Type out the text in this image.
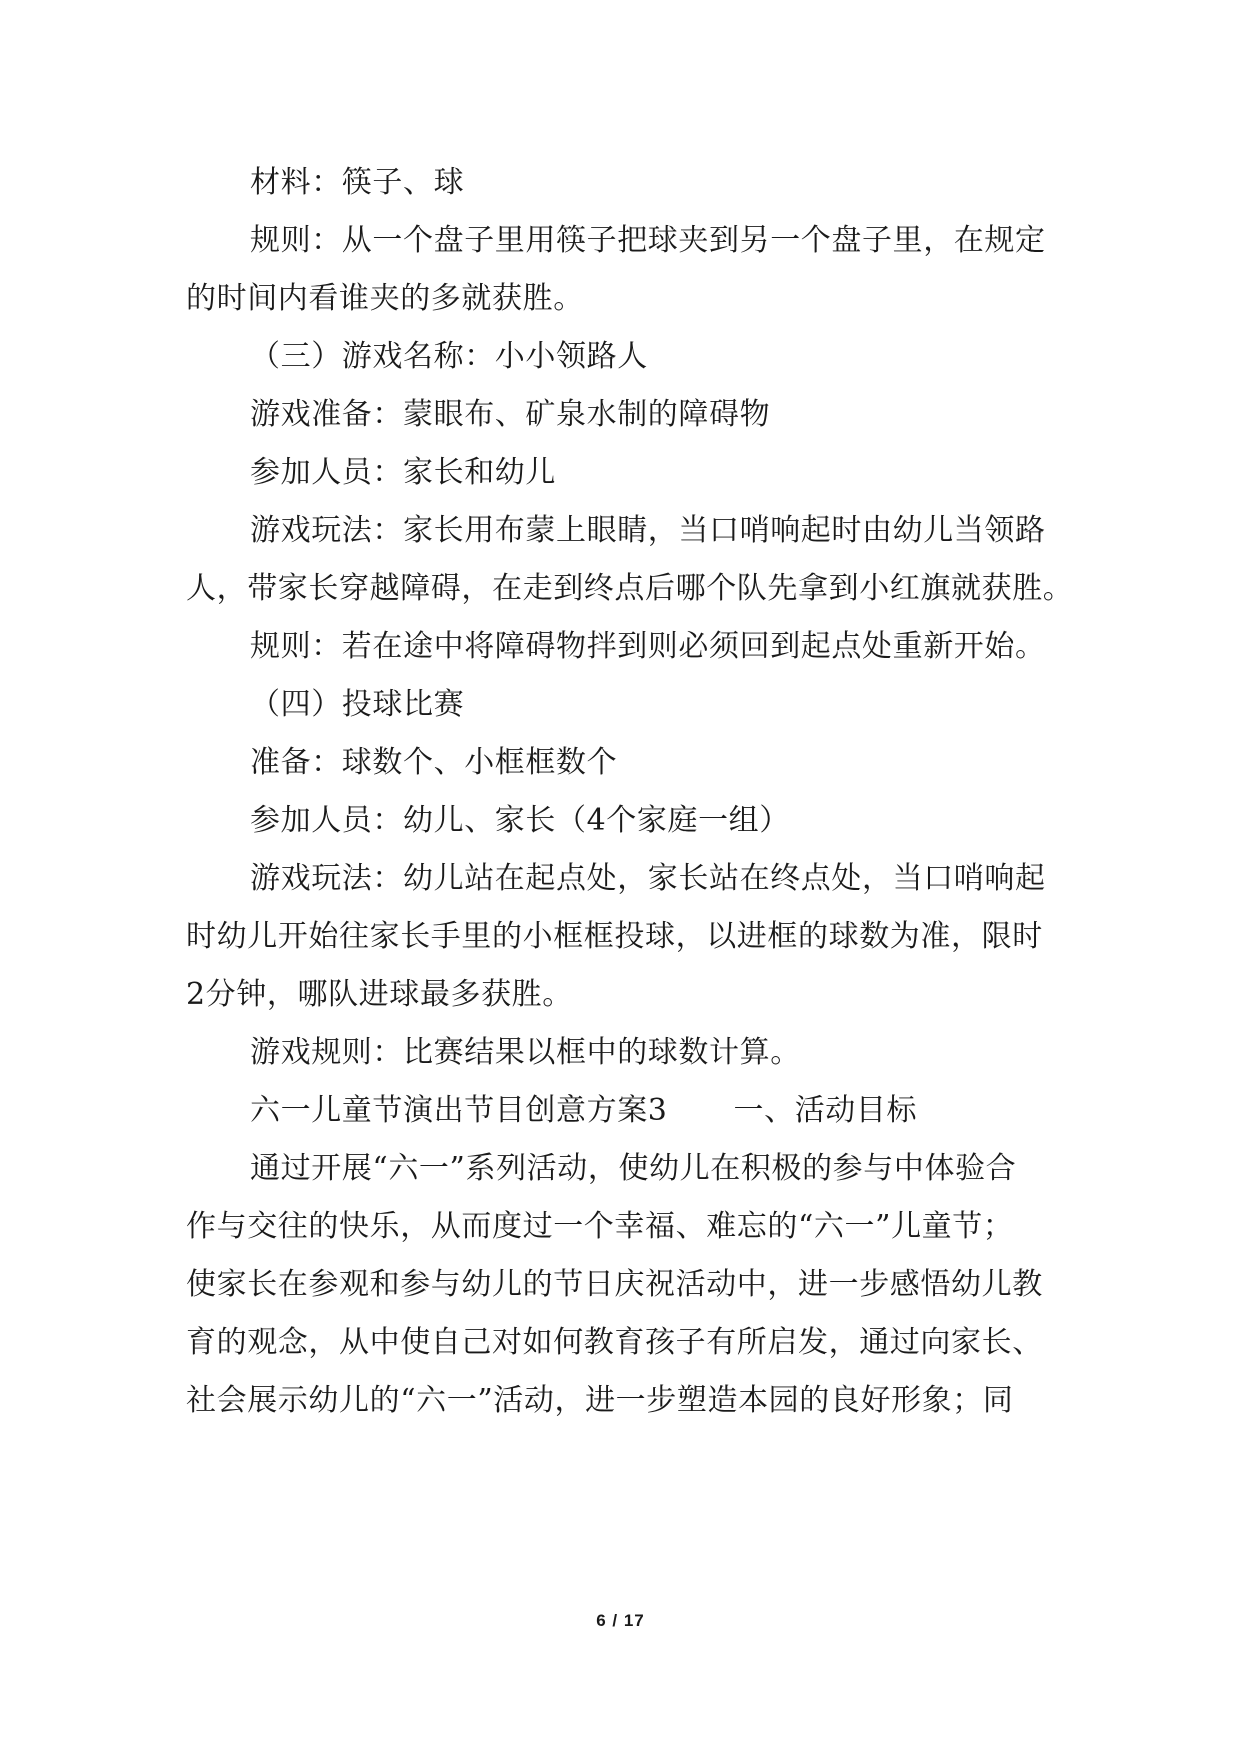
材料：筷子、球
规则：从一个盘子里用筷子把球夹到另一个盘子里，在规定
的时间内看谁夹的多就获胜。
（三）游戏名称：小小领路人
游戏准备：蒙眼布、矿泉水制的障碍物
参加人员：家长和幼儿
游戏玩法：家长用布蒙上眼睛，当口哨响起时由幼儿当领路
人，带家长穿越障碍，在走到终点后哪个队先拿到小红旗就获胜。
规则：若在途中将障碍物拌到则必须回到起点处重新开始。
（四）投球比赛
准备：球数个、小框框数个
参加人员：幼儿、家长（4个家庭一组）
游戏玩法：幼儿站在起点处，家长站在终点处，当口哨响起
时幼儿开始往家长手里的小框框投球，以进框的球数为准，限时
2分钟，哪队进球最多获胜。
游戏规则：比赛结果以框中的球数计算。
六一儿童节演出节目创意方案3 一、活动目标
通过开展“六一”系列活动，使幼儿在积极的参与中体验合
作与交往的快乐，从而度过一个幸福、难忘的“六一”儿童节；
使家长在参观和参与幼儿的节日庆祝活动中，进一步感悟幼儿教
育的观念，从中使自己对如何教育孩子有所启发，通过向家长、
社会展示幼儿的“六一”活动，进一步塑造本园的良好形象；同
6 / 17
